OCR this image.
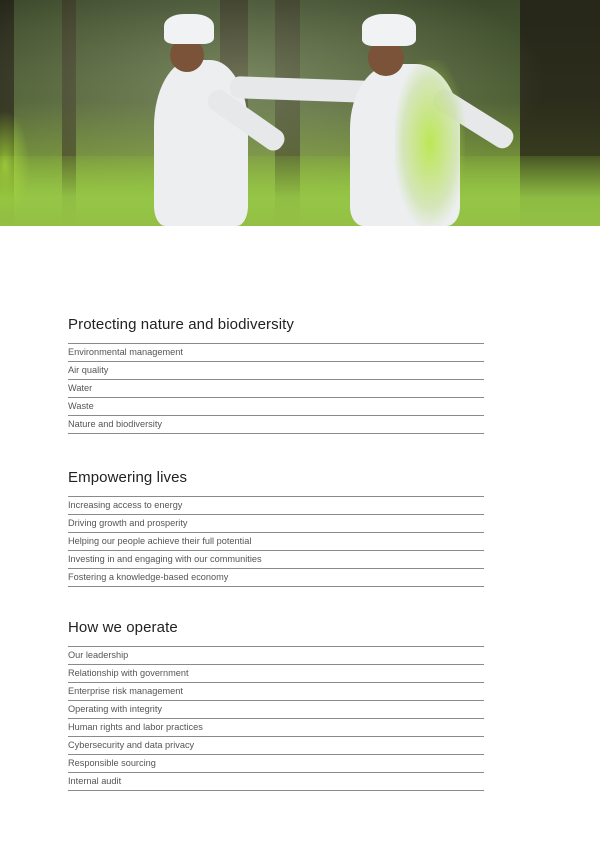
Protecting nature and biodiversity
Environmental management
Air quality
Water
Waste
Nature and biodiversity
Empowering lives
Increasing access to energy
Driving growth and prosperity
Helping our people achieve their full potential
Investing in and engaging with our communities
Fostering a knowledge-based economy
How we operate
Our leadership
Relationship with government
Enterprise risk management
Operating with integrity
Human rights and labor practices
Cybersecurity and data privacy
Responsible sourcing
Internal audit
